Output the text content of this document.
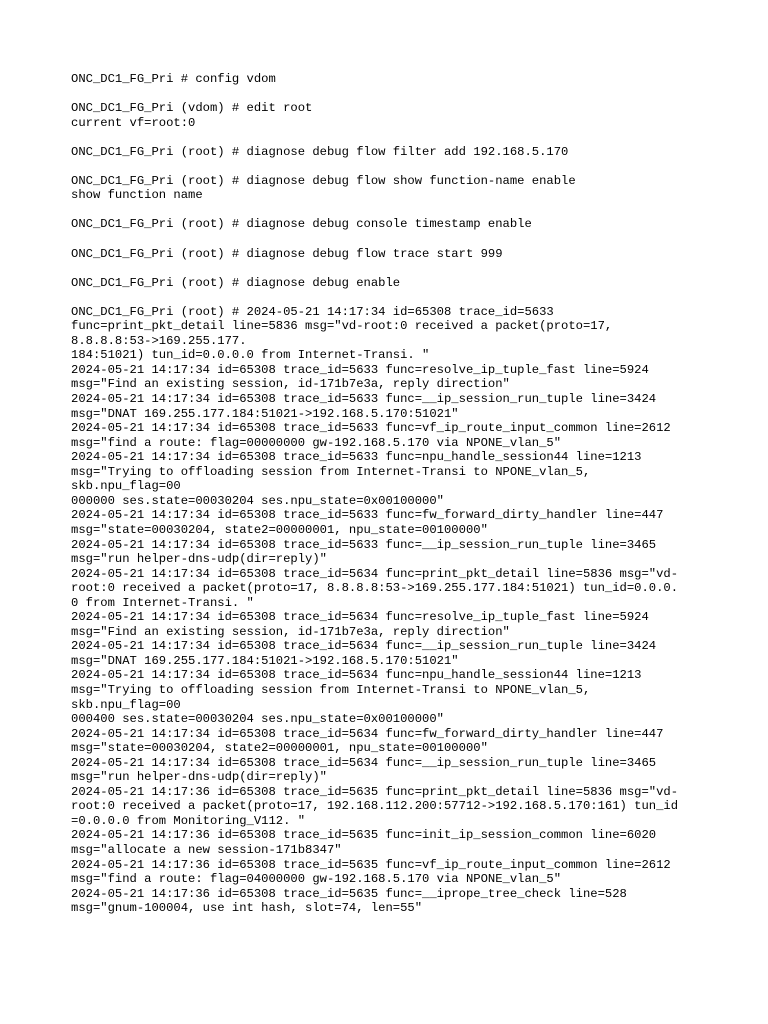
ONC_DC1_FG_Pri # config vdom
ONC_DC1_FG_Pri (vdom) # edit root
current vf=root:0
ONC_DC1_FG_Pri (root) # diagnose debug flow filter add 192.168.5.170
ONC_DC1_FG_Pri (root) # diagnose debug flow show function-name enable
show function name
ONC_DC1_FG_Pri (root) # diagnose debug console timestamp enable
ONC_DC1_FG_Pri (root) # diagnose debug flow trace start 999
ONC_DC1_FG_Pri (root) # diagnose debug enable
ONC_DC1_FG_Pri (root) # 2024-05-21 14:17:34 id=65308 trace_id=5633
func=print_pkt_detail line=5836 msg="vd-root:0 received a packet(proto=17,
8.8.8.8:53->169.255.177.
184:51021) tun_id=0.0.0.0 from Internet-Transi. "
2024-05-21 14:17:34 id=65308 trace_id=5633 func=resolve_ip_tuple_fast line=5924
msg="Find an existing session, id-171b7e3a, reply direction"
2024-05-21 14:17:34 id=65308 trace_id=5633 func=__ip_session_run_tuple line=3424
msg="DNAT 169.255.177.184:51021->192.168.5.170:51021"
2024-05-21 14:17:34 id=65308 trace_id=5633 func=vf_ip_route_input_common line=2612
msg="find a route: flag=00000000 gw-192.168.5.170 via NPONE_vlan_5"
2024-05-21 14:17:34 id=65308 trace_id=5633 func=npu_handle_session44 line=1213
msg="Trying to offloading session from Internet-Transi to NPONE_vlan_5,
skb.npu_flag=00
000000 ses.state=00030204 ses.npu_state=0x00100000"
2024-05-21 14:17:34 id=65308 trace_id=5633 func=fw_forward_dirty_handler line=447
msg="state=00030204, state2=00000001, npu_state=00100000"
2024-05-21 14:17:34 id=65308 trace_id=5633 func=__ip_session_run_tuple line=3465
msg="run helper-dns-udp(dir=reply)"
2024-05-21 14:17:34 id=65308 trace_id=5634 func=print_pkt_detail line=5836 msg="vd-
root:0 received a packet(proto=17, 8.8.8.8:53->169.255.177.184:51021) tun_id=0.0.0.
0 from Internet-Transi. "
2024-05-21 14:17:34 id=65308 trace_id=5634 func=resolve_ip_tuple_fast line=5924
msg="Find an existing session, id-171b7e3a, reply direction"
2024-05-21 14:17:34 id=65308 trace_id=5634 func=__ip_session_run_tuple line=3424
msg="DNAT 169.255.177.184:51021->192.168.5.170:51021"
2024-05-21 14:17:34 id=65308 trace_id=5634 func=npu_handle_session44 line=1213
msg="Trying to offloading session from Internet-Transi to NPONE_vlan_5,
skb.npu_flag=00
000400 ses.state=00030204 ses.npu_state=0x00100000"
2024-05-21 14:17:34 id=65308 trace_id=5634 func=fw_forward_dirty_handler line=447
msg="state=00030204, state2=00000001, npu_state=00100000"
2024-05-21 14:17:34 id=65308 trace_id=5634 func=__ip_session_run_tuple line=3465
msg="run helper-dns-udp(dir=reply)"
2024-05-21 14:17:36 id=65308 trace_id=5635 func=print_pkt_detail line=5836 msg="vd-
root:0 received a packet(proto=17, 192.168.112.200:57712->192.168.5.170:161) tun_id
=0.0.0.0 from Monitoring_V112. "
2024-05-21 14:17:36 id=65308 trace_id=5635 func=init_ip_session_common line=6020
msg="allocate a new session-171b8347"
2024-05-21 14:17:36 id=65308 trace_id=5635 func=vf_ip_route_input_common line=2612
msg="find a route: flag=04000000 gw-192.168.5.170 via NPONE_vlan_5"
2024-05-21 14:17:36 id=65308 trace_id=5635 func=__iprope_tree_check line=528
msg="gnum-100004, use int hash, slot=74, len=55"
